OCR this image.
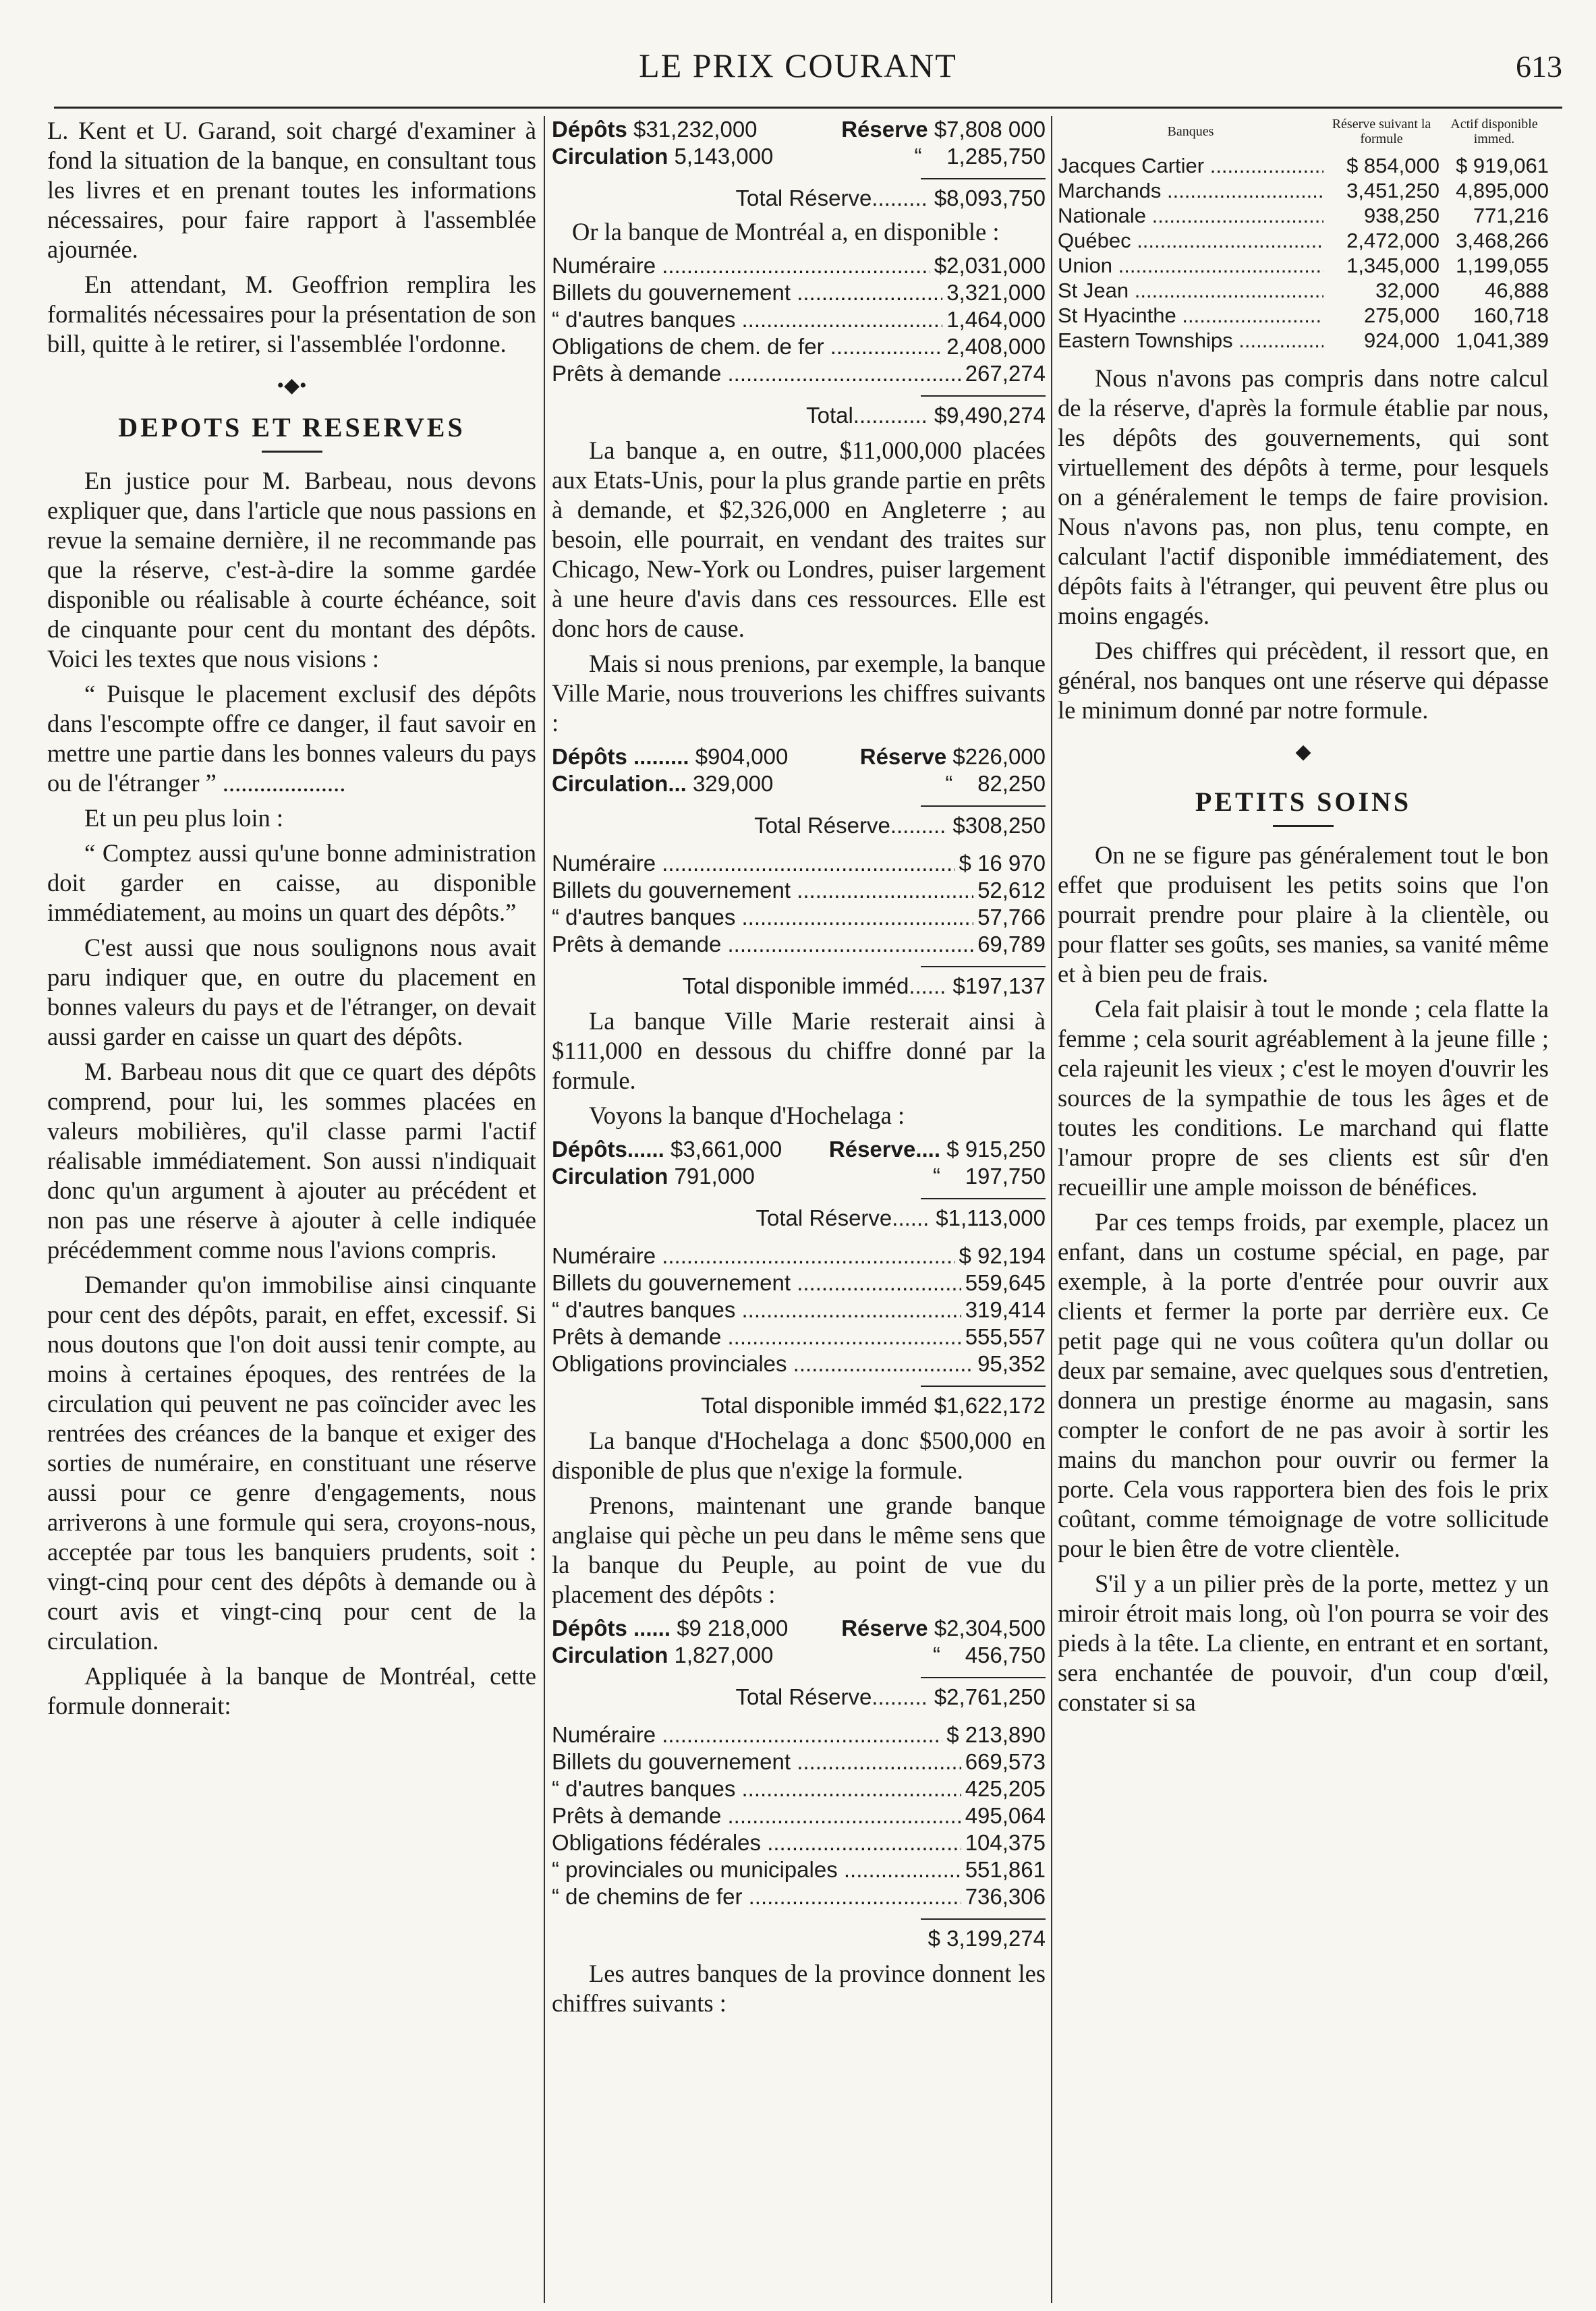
LE PRIX COURANT	613

L. Kent et U. Garand, soit chargé d'examiner à fond la situation de la banque, en consultant tous les livres et en prenant toutes les informations nécessaires, pour faire rapport à l'assemblée ajournée.

En attendant, M. Geoffrion remplira les formalités nécessaires pour la présentation de son bill, quitte à le retirer, si l'assemblée l'ordonne.

•◆•
DEPOTS ET RESERVES

En justice pour M. Barbeau, nous devons expliquer que, dans l'article que nous passions en revue la semaine dernière, il ne recommande pas que la réserve, c'est-à-dire la somme gardée disponible ou réalisable à courte échéance, soit de cinquante pour cent du montant des dépôts. Voici les textes que nous visions :

“ Puisque le placement exclusif des dépôts dans l'escompte offre ce danger, il faut savoir en mettre une partie dans les bonnes valeurs du pays ou de l'étranger ” ....................

Et un peu plus loin :

“ Comptez aussi qu'une bonne administration doit garder en caisse, au disponible immédiatement, au moins un quart des dépôts.”

C'est aussi que nous soulignons nous avait paru indiquer que, en outre du placement en bonnes valeurs du pays et de l'étranger, on devait aussi garder en caisse un quart des dépôts.

M. Barbeau nous dit que ce quart des dépôts comprend, pour lui, les sommes placées en valeurs mobilières, qu'il classe parmi l'actif réalisable immédiatement. Son aussi n'indiquait donc qu'un argument à ajouter au précédent et non pas une réserve à ajouter à celle indiquée précédemment comme nous l'avions compris.

Demander qu'on immobilise ainsi cinquante pour cent des dépôts, parait, en effet, excessif. Si nous doutons que l'on doit aussi tenir compte, au moins à certaines époques, des rentrées de la circulation qui peuvent ne pas coïncider avec les rentrées des créances de la banque et exiger des sorties de numéraire, en constituant une réserve aussi pour ce genre d'engagements, nous arriverons à une formule qui sera, croyons-nous, acceptée par tous les banquiers prudents, soit : vingt-cinq pour cent des dépôts à demande ou à court avis et vingt-cinq pour cent de la circulation.

Appliquée à la banque de Montréal, cette formule donnerait:

Dépôts $31,232,000	Réserve $7,808 000
Circulation 5,143,000	“ 1,285,750
Total Réserve......... $8,093,750

Or la banque de Montréal a, en disponible :

Numéraire .....	$2,031,000
Billets du gouvernement .....	3,321,000
“ d'autres banques .....	1,464,000
Obligations de chem. de fer .....	2,408,000
Prêts à demande .....	267,274
Total............ $9,490,274

La banque a, en outre, $11,000,000 placées aux Etats-Unis, pour la plus grande partie en prêts à demande, et $2,326,000 en Angleterre ; au besoin, elle pourrait, en vendant des traites sur Chicago, New-York ou Londres, puiser largement à une heure d'avis dans ces ressources. Elle est donc hors de cause.

Mais si nous prenions, par exemple, la banque Ville Marie, nous trouverions les chiffres suivants :

Dépôts ......... $904,000	Réserve $226,000
Circulation... 329,000	“ 82,250
Total Réserve......... $308,250
Numéraire .....	$ 16 970
Billets du gouvernement .....	52,612
“ d'autres banques .....	57,766
Prêts à demande .....	69,789
Total disponible imméd...... $197,137

La banque Ville Marie resterait ainsi à $111,000 en dessous du chiffre donné par la formule.

Voyons la banque d'Hochelaga :

Dépôts...... $3,661,000 Réserve.... $ 915,250
Circulation 791,000	“ 197,750
Total Réserve...... $1,113,000
Numéraire .....	$ 92,194
Billets du gouvernement .....	559,645
“ d'autres banques .....	319,414
Prêts à demande .....	555,557
Obligations provinciales .....	95,352
Total disponible imméd $1,622,172

La banque d'Hochelaga a donc $500,000 en disponible de plus que n'exige la formule.

Prenons, maintenant une grande banque anglaise qui pèche un peu dans le même sens que la banque du Peuple, au point de vue du placement des dépôts :

Dépôts ...... $9 218,000 Réserve $2,304,500
Circulation 1,827,000	“ 456,750
Total Réserve......... $2,761,250
Numéraire .....	$ 213,890
Billets du gouvernement .....	669,573
“ d'autres banques .....	425,205
Prêts à demande .....	495,064
Obligations fédérales .....	104,375
“ provinciales ou municipales .....	551,861
“ de chemins de fer .....	736,306
$ 3,199,274

Les autres banques de la province donnent les chiffres suivants :

Banques	Réserve suivant la formule	Actif disponible immed.
Jacques Cartier .....	$ 854,000	$ 919,061
Marchands .....	3,451,250	4,895,000
Nationale .....	938,250	771,216
Québec .....	2,472,000	3,468,266
Union .....	1,345,000	1,199,055
St Jean .....	32,000	46,888
St Hyacinthe .....	275,000	160,718
Eastern Townships .....	924,000	1,041,389

Nous n'avons pas compris dans notre calcul de la réserve, d'après la formule établie par nous, les dépôts des gouvernements, qui sont virtuellement des dépôts à terme, pour lesquels on a généralement le temps de faire provision. Nous n'avons pas, non plus, tenu compte, en calculant l'actif disponible immédiatement, des dépôts faits à l'étranger, qui peuvent être plus ou moins engagés.

Des chiffres qui précèdent, il ressort que, en général, nos banques ont une réserve qui dépasse le minimum donné par notre formule.

◆
PETITS SOINS

On ne se figure pas généralement tout le bon effet que produisent les petits soins que l'on pourrait prendre pour plaire à la clientèle, ou pour flatter ses goûts, ses manies, sa vanité même et à bien peu de frais.

Cela fait plaisir à tout le monde ; cela flatte la femme ; cela sourit agréablement à la jeune fille ; cela rajeunit les vieux ; c'est le moyen d'ouvrir les sources de la sympathie de tous les âges et de toutes les conditions. Le marchand qui flatte l'amour propre de ses clients est sûr d'en recueillir une ample moisson de bénéfices.

Par ces temps froids, par exemple, placez un enfant, dans un costume spécial, en page, par exemple, à la porte d'entrée pour ouvrir aux clients et fermer la porte par derrière eux. Ce petit page qui ne vous coûtera qu'un dollar ou deux par semaine, avec quelques sous d'entretien, donnera un prestige énorme au magasin, sans compter le confort de ne pas avoir à sortir les mains du manchon pour ouvrir ou fermer la porte. Cela vous rapportera bien des fois le prix coûtant, comme témoignage de votre sollicitude pour le bien être de votre clientèle.

S'il y a un pilier près de la porte, mettez y un miroir étroit mais long, où l'on pourra se voir des pieds à la tête. La cliente, en entrant et en sortant, sera enchantée de pouvoir, d'un coup d'œil, constater si sa
